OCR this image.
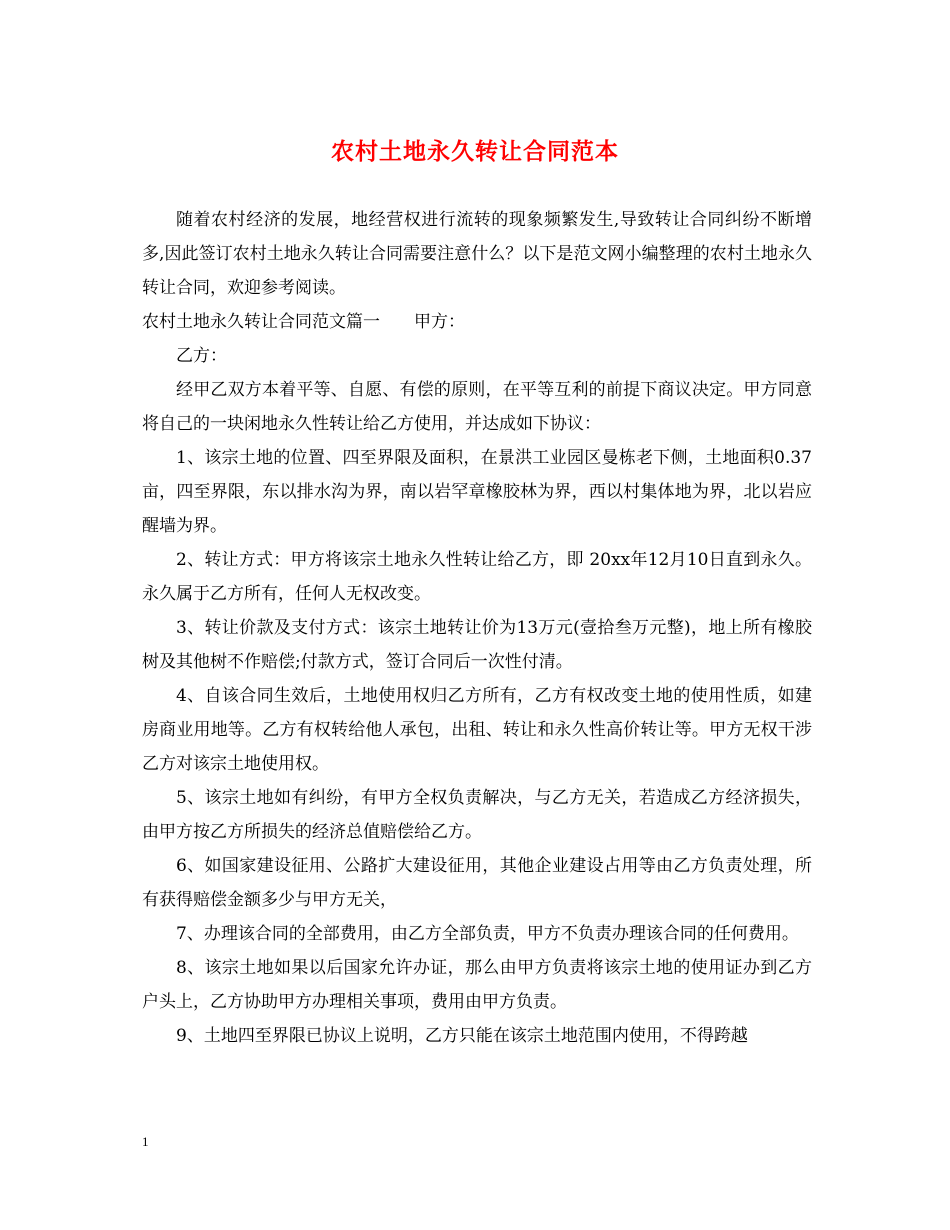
农村土地永久转让合同范本

随着农村经济的发展，地经营权进行流转的现象频繁发生,导致转让合同纠纷不断增多,因此签订农村土地永久转让合同需要注意什么？以下是范文网小编整理的农村土地永久转让合同，欢迎参考阅读。

农村土地永久转让合同范文篇一　　甲方：

乙方：

经甲乙双方本着平等、自愿、有偿的原则，在平等互利的前提下商议决定。甲方同意将自己的一块闲地永久性转让给乙方使用，并达成如下协议：

1、该宗土地的位置、四至界限及面积，在景洪工业园区曼栋老下侧，土地面积0.37亩，四至界限，东以排水沟为界，南以岩罕章橡胶林为界，西以村集体地为界，北以岩应醒墙为界。

2、转让方式：甲方将该宗土地永久性转让给乙方，即 20xx年12月10日直到永久。永久属于乙方所有，任何人无权改变。

3、转让价款及支付方式：该宗土地转让价为13万元(壹拾叁万元整)，地上所有橡胶树及其他树不作赔偿;付款方式，签订合同后一次性付清。

4、自该合同生效后，土地使用权归乙方所有，乙方有权改变土地的使用性质，如建房商业用地等。乙方有权转给他人承包，出租、转让和永久性高价转让等。甲方无权干涉乙方对该宗土地使用权。

5、该宗土地如有纠纷，有甲方全权负责解决，与乙方无关，若造成乙方经济损失，由甲方按乙方所损失的经济总值赔偿给乙方。

6、如国家建设征用、公路扩大建设征用，其他企业建设占用等由乙方负责处理，所有获得赔偿金额多少与甲方无关，

7、办理该合同的全部费用，由乙方全部负责，甲方不负责办理该合同的任何费用。

8、该宗土地如果以后国家允许办证，那么由甲方负责将该宗土地的使用证办到乙方户头上，乙方协助甲方办理相关事项，费用由甲方负责。

9、土地四至界限已协议上说明，乙方只能在该宗土地范围内使用，不得跨越

1
